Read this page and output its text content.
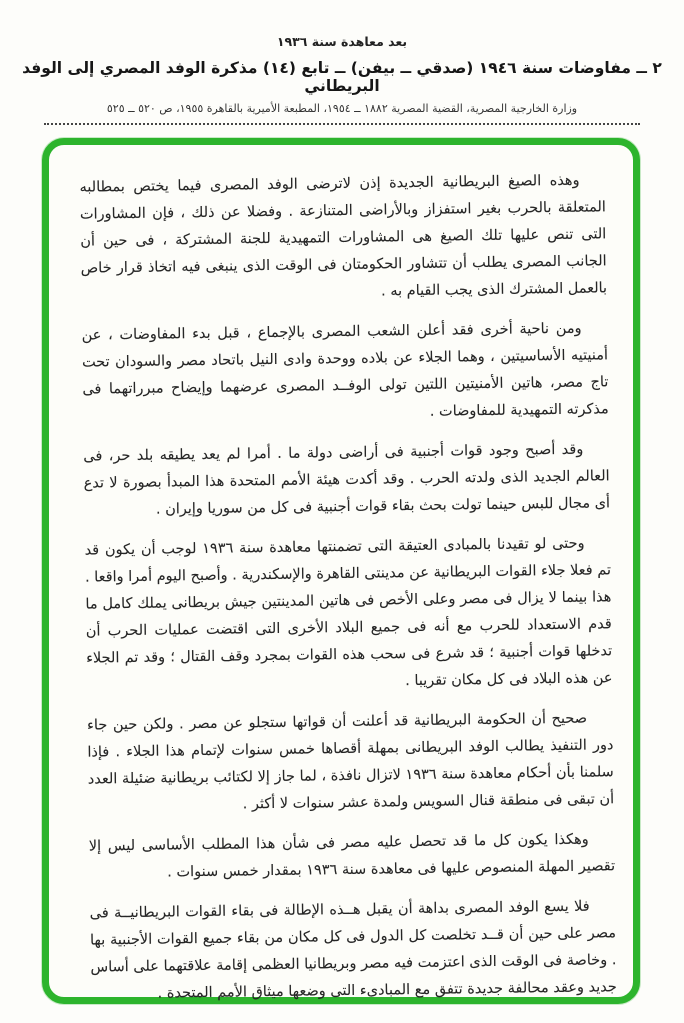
بعد معاهدة سنة ١٩٣٦
٢ ــ مفاوضات سنة ١٩٤٦ (صدقي ــ بيفن) ــ تابع (١٤) مذكرة الوفد المصري إلى الوفد البريطاني
وزارة الخارجية المصرية، القضية المصرية ١٨٨٢ ــ ١٩٥٤، المطبعة الأميرية بالقاهرة ١٩٥٥، ص ٥٢٠ ــ ٥٢٥

وهذه الصيغ البريطانية الجديدة إذن لاترضى الوفد المصرى فيما يختص بمطالبه المتعلقة بالحرب بغير استفزاز وبالأراضى المتنازعة . وفضلا عن ذلك ، فإن المشاورات التى تنص عليها تلك الصيغ هى المشاورات التمهيدية للجنة المشتركة ، فى حين أن الجانب المصرى يطلب أن تتشاور الحكومتان فى الوقت الذى ينبغى فيه اتخاذ قرار خاص بالعمل المشترك الذى يجب القيام به .

ومن ناحية أخرى فقد أعلن الشعب المصرى بالإجماع ، قبل بدء المفاوضات ، عن أمنيتيه الأساسيتين ، وهما الجلاء عن بلاده ووحدة وادى النيل باتحاد مصر والسودان تحت تاج مصر، هاتين الأمنيتين اللتين تولى الوفــد المصرى عرضهما وإيضاح مبرراتهما فى مذكرته التمهيدية للمفاوضات .

وقد أصبح وجود قوات أجنبية فى أراضى دولة ما . أمرا لم يعد يطيقه بلد حر، فى العالم الجديد الذى ولدته الحرب . وقد أكدت هيئة الأمم المتحدة هذا المبدأ بصورة لا تدع أى مجال للبس حينما تولت بحث بقاء قوات أجنبية فى كل من سوريا وإيران .

وحتى لو تقيدنا بالمبادى العتيقة التى تضمنتها معاهدة سنة ١٩٣٦ لوجب أن يكون قد تم فعلا جلاء القوات البريطانية عن مدينتى القاهرة والإسكندرية . وأصبح اليوم أمرا واقعا . هذا بينما لا يزال فى مصر وعلى الأخص فى هاتين المدينتين جيش بريطانى يملك كامل ما قدم الاستعداد للحرب مع أنه فى جميع البلاد الأخرى التى اقتضت عمليات الحرب أن تدخلها قوات أجنبية ؛ قد شرع فى سحب هذه القوات بمجرد وقف القتال ؛ وقد تم الجلاء عن هذه البلاد فى كل مكان تقريبا .

صحيح أن الحكومة البريطانية قد أعلنت أن قواتها ستجلو عن مصر . ولكن حين جاء دور التنفيذ يطالب الوفد البريطانى بمهلة أقصاها خمس سنوات لإتمام هذا الجلاء . فإذا سلمنا بأن أحكام معاهدة سنة ١٩٣٦ لاتزال نافذة ، لما جاز إلا لكتائب بريطانية ضئيلة العدد أن تبقى فى منطقة قنال السويس ولمدة عشر سنوات لا أكثر .

وهكذا يكون كل ما قد تحصل عليه مصر فى شأن هذا المطلب الأساسى ليس إلا تقصير المهلة المنصوص عليها فى معاهدة سنة ١٩٣٦ بمقدار خمس سنوات .

فلا يسع الوفد المصرى بداهة أن يقبل هــذه الإطالة فى بقاء القوات البريطانيــة فى مصر على حين أن قــد تخلصت كل الدول فى كل مكان من بقاء جميع القوات الأجنبية بها . وخاصة فى الوقت الذى اعتزمت فيه مصر وبريطانيا العظمى إقامة علاقتهما على أساس جديد وعقد محالفة جديدة تتفق مع المبادىء التى وضعها ميثاق الأمم المتحدة .
